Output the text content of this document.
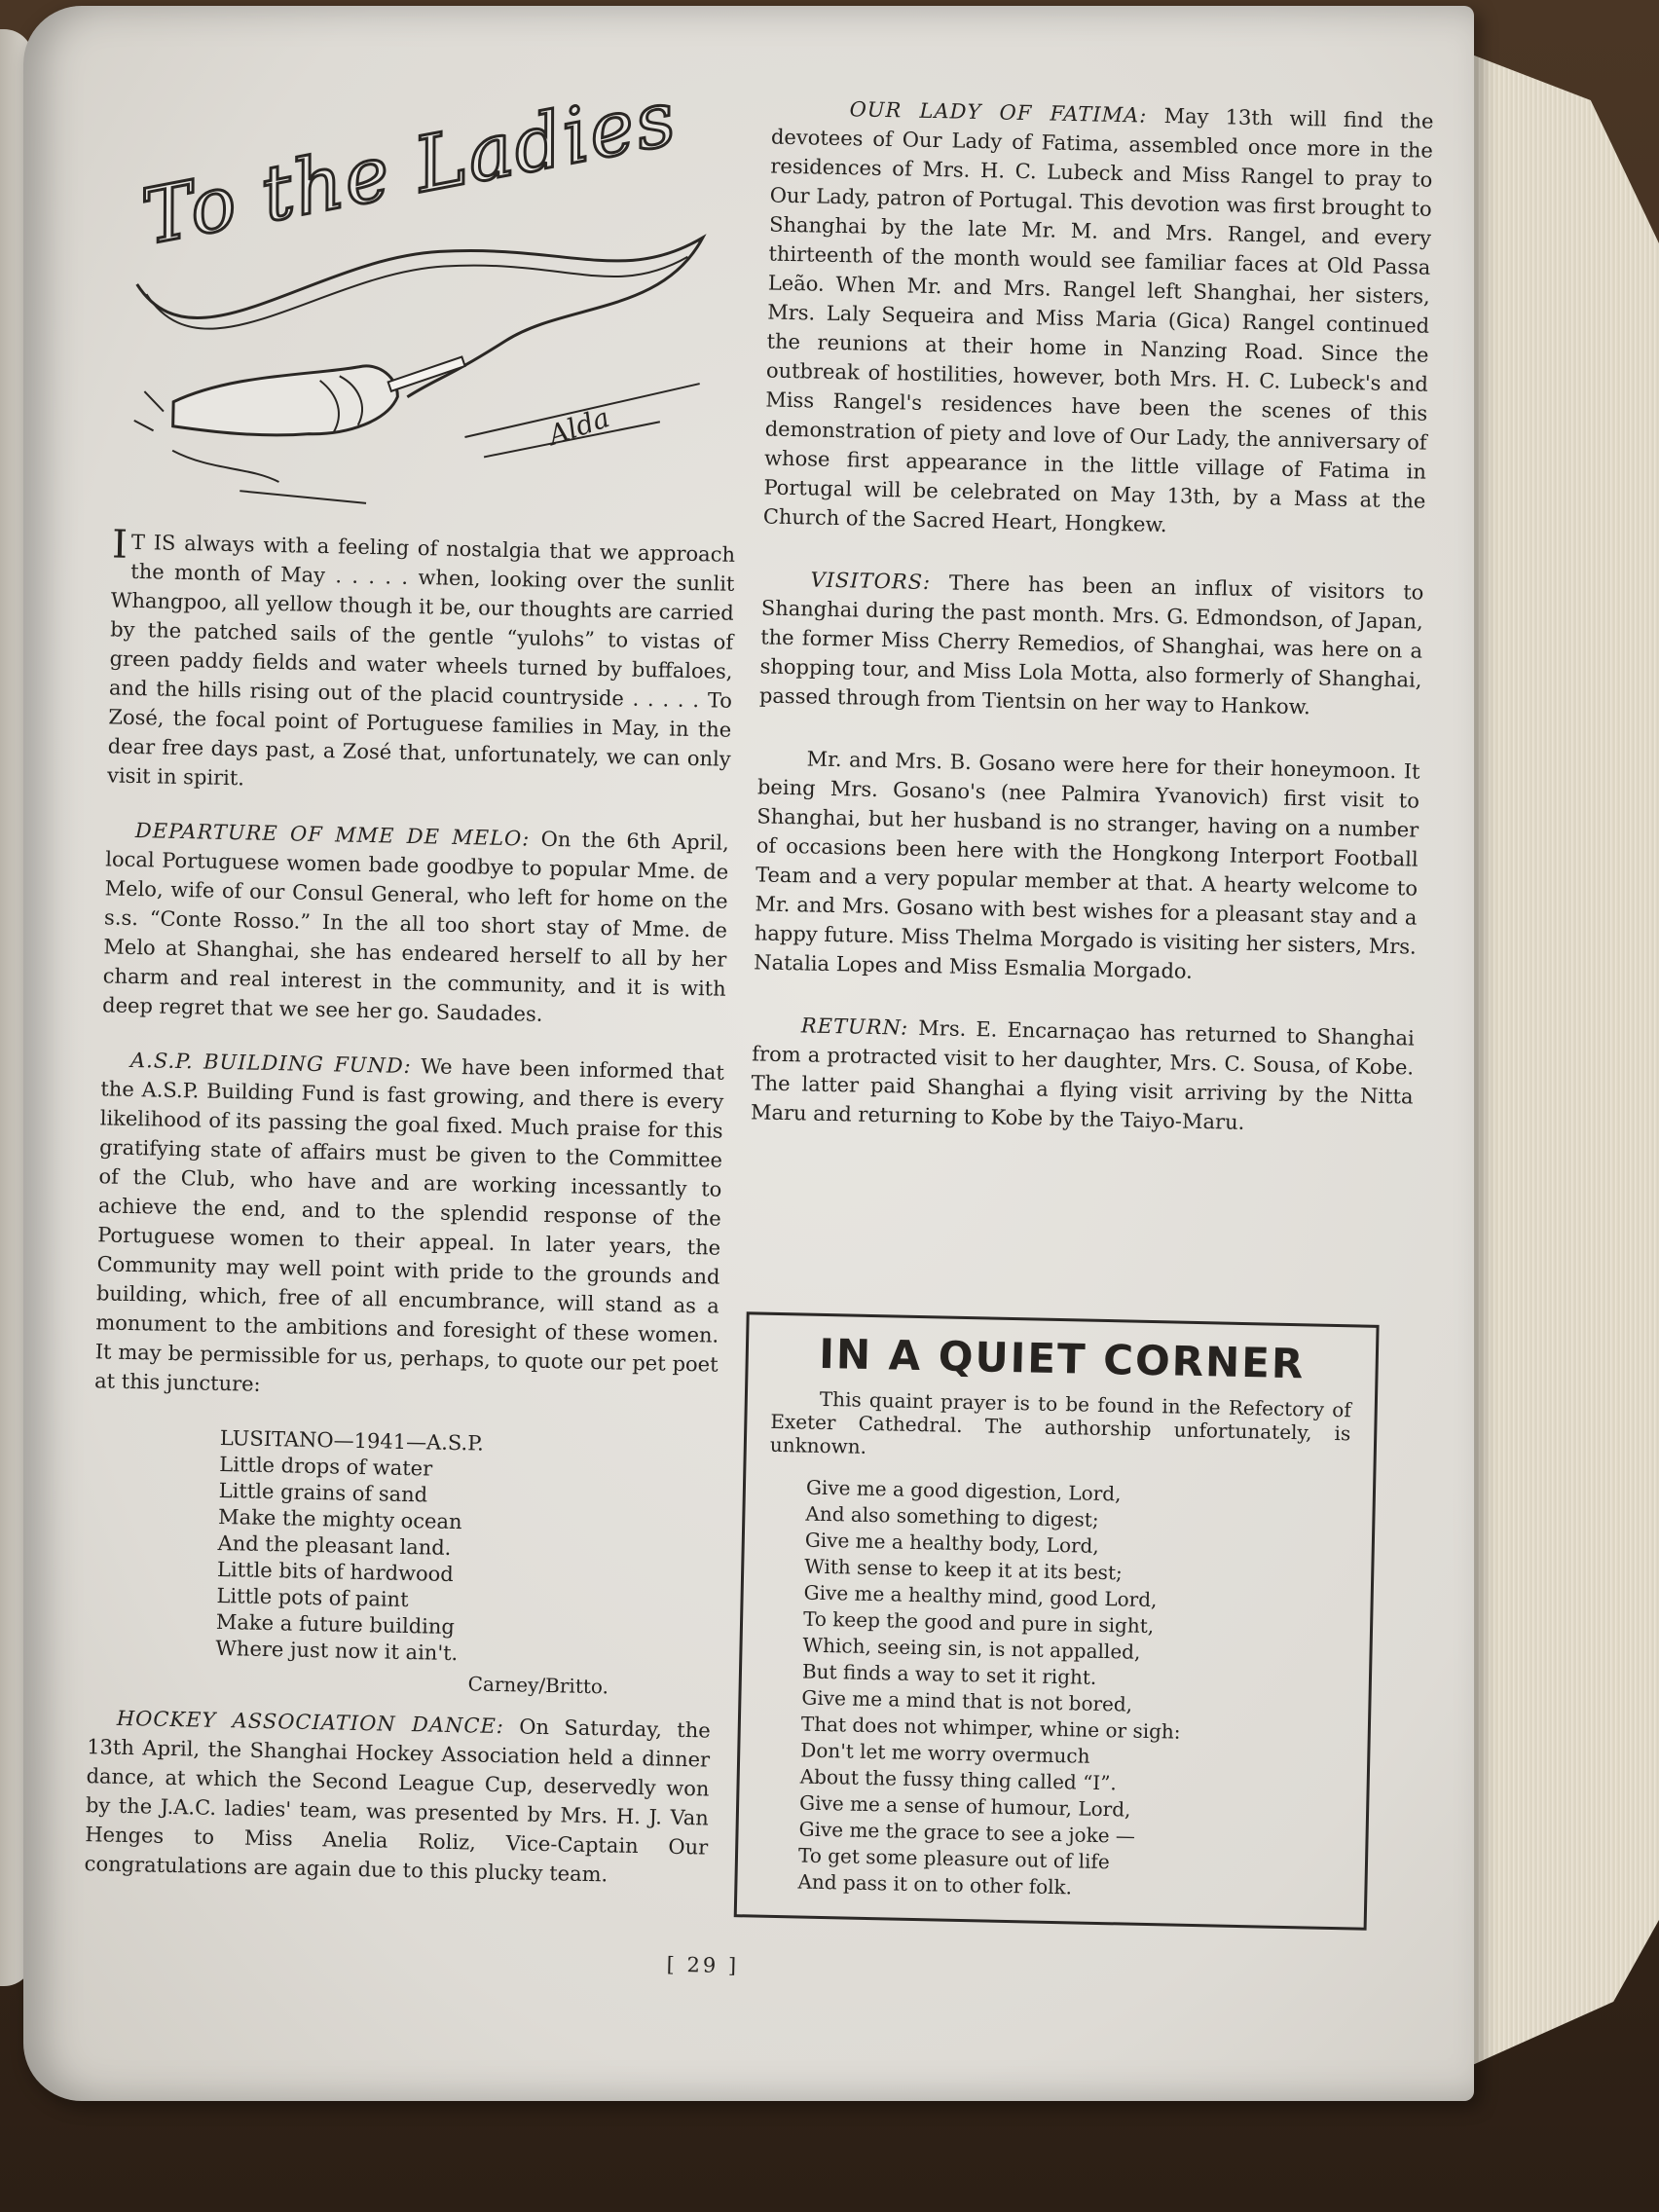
To the Ladies
Alda

I T IS always with a feeling of nostalgia that we approach the month of May . . . . . when, looking over the sunlit Whangpoo, all yellow though it be, our thoughts are carried by the patched sails of the gentle “yulohs” to vistas of green paddy fields and water wheels turned by buffaloes, and the hills rising out of the placid countryside . . . . . To Zosé, the focal point of Portuguese families in May, in the dear free days past, a Zosé that, unfortunately, we can only visit in spirit.

DEPARTURE OF MME DE MELO: On the 6th April, local Portuguese women bade goodbye to popular Mme. de Melo, wife of our Consul General, who left for home on the s.s. “Conte Rosso.” In the all too short stay of Mme. de Melo at Shanghai, she has endeared herself to all by her charm and real interest in the community, and it is with deep regret that we see her go. Saudades.

A.S.P. BUILDING FUND: We have been informed that the A.S.P. Building Fund is fast growing, and there is every likelihood of its passing the goal fixed. Much praise for this gratifying state of affairs must be given to the Committee of the Club, who have and are working incessantly to achieve the end, and to the splendid response of the Portuguese women to their appeal. In later years, the Community may well point with pride to the grounds and building, which, free of all encumbrance, will stand as a monument to the ambitions and foresight of these women. It may be permissible for us, perhaps, to quote our pet poet at this juncture:

LUSITANO—1941—A.S.P.
Little drops of water
Little grains of sand
Make the mighty ocean
And the pleasant land.
Little bits of hardwood
Little pots of paint
Make a future building
Where just now it ain't.
Carney/Britto.

HOCKEY ASSOCIATION DANCE: On Saturday, the 13th April, the Shanghai Hockey Association held a dinner dance, at which the Second League Cup, deservedly won by the J.A.C. ladies' team, was presented by Mrs. H. J. Van Henges to Miss Anelia Roliz, Vice-Captain Our congratulations are again due to this plucky team.

OUR LADY OF FATIMA: May 13th will find the devotees of Our Lady of Fatima, assembled once more in the residences of Mrs. H. C. Lubeck and Miss Rangel to pray to Our Lady, patron of Portugal. This devotion was first brought to Shanghai by the late Mr. M. and Mrs. Rangel, and every thirteenth of the month would see familiar faces at Old Passa Leão. When Mr. and Mrs. Rangel left Shanghai, her sisters, Mrs. Laly Sequeira and Miss Maria (Gica) Rangel continued the reunions at their home in Nanzing Road. Since the outbreak of hostilities, however, both Mrs. H. C. Lubeck's and Miss Rangel's residences have been the scenes of this demonstration of piety and love of Our Lady, the anniversary of whose first appearance in the little village of Fatima in Portugal will be celebrated on May 13th, by a Mass at the Church of the Sacred Heart, Hongkew.

VISITORS: There has been an influx of visitors to Shanghai during the past month. Mrs. G. Edmondson, of Japan, the former Miss Cherry Remedios, of Shanghai, was here on a shopping tour, and Miss Lola Motta, also formerly of Shanghai, passed through from Tientsin on her way to Hankow.

Mr. and Mrs. B. Gosano were here for their honeymoon. It being Mrs. Gosano's (nee Palmira Yvanovich) first visit to Shanghai, but her husband is no stranger, having on a number of occasions been here with the Hongkong Interport Football Team and a very popular member at that. A hearty welcome to Mr. and Mrs. Gosano with best wishes for a pleasant stay and a happy future. Miss Thelma Morgado is visiting her sisters, Mrs. Natalia Lopes and Miss Esmalia Morgado.

RETURN: Mrs. E. Encarnaçao has returned to Shanghai from a protracted visit to her daughter, Mrs. C. Sousa, of Kobe. The latter paid Shanghai a flying visit arriving by the Nitta Maru and returning to Kobe by the Taiyo-Maru.

IN A QUIET CORNER

This quaint prayer is to be found in the Refectory of Exeter Cathedral. The authorship unfortunately, is unknown.

Give me a good digestion, Lord,
And also something to digest;
Give me a healthy body, Lord,
With sense to keep it at its best;
Give me a healthy mind, good Lord,
To keep the good and pure in sight,
Which, seeing sin, is not appalled,
But finds a way to set it right.
Give me a mind that is not bored,
That does not whimper, whine or sigh:
Don't let me worry overmuch
About the fussy thing called “I”.
Give me a sense of humour, Lord,
Give me the grace to see a joke —
To get some pleasure out of life
And pass it on to other folk.
[ 29 ]
